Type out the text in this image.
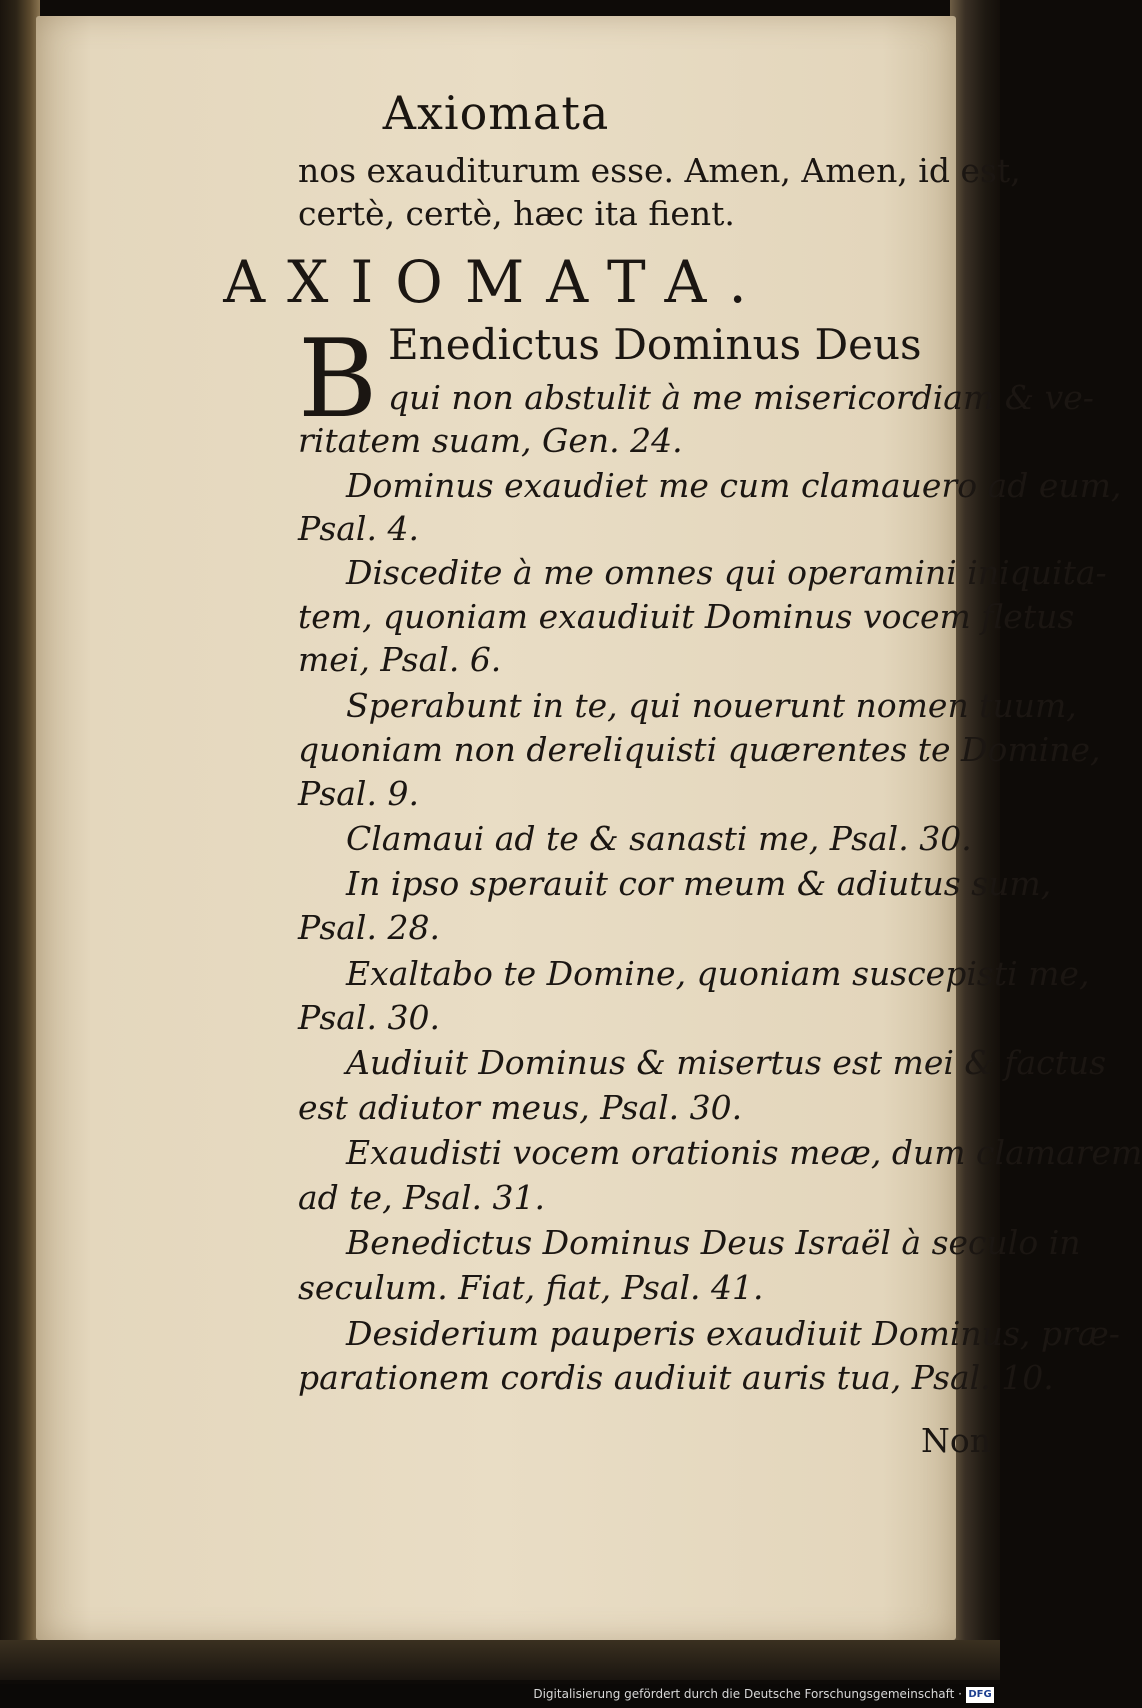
Axiomata
nos exauditurum esse. Amen, Amen, id est,
certè, certè, hæc ita fient.
AXIOMATA.
B Enedictus Dominus Deus
qui non abstulit à me misericordiam & ve-
ritatem suam, Gen. 24.
Dominus exaudiet me cum clamauero ad eum,
Psal. 4.
Discedite à me omnes qui operamini iniquita-
tem, quoniam exaudiuit Dominus vocem fletus
mei, Psal. 6.
Sperabunt in te, qui nouerunt nomen tuum,
quoniam non dereliquisti quærentes te Domine,
Psal. 9.
Clamaui ad te & sanasti me, Psal. 30.
In ipso sperauit cor meum & adiutus sum,
Psal. 28.
Exaltabo te Domine, quoniam suscepisti me,
Psal. 30.
Audiuit Dominus & misertus est mei & factus
est adiutor meus, Psal. 30.
Exaudisti vocem orationis meæ, dum clamarem
ad te, Psal. 31.
Benedictus Dominus Deus Israël à seculo in
seculum. Fiat, fiat, Psal. 41.
Desiderium pauperis exaudiuit Dominus, præ-
parationem cordis audiuit auris tua, Psal. 10.
Non
Digitalisierung gefördert durch die Deutsche Forschungsgemeinschaft · DFG
